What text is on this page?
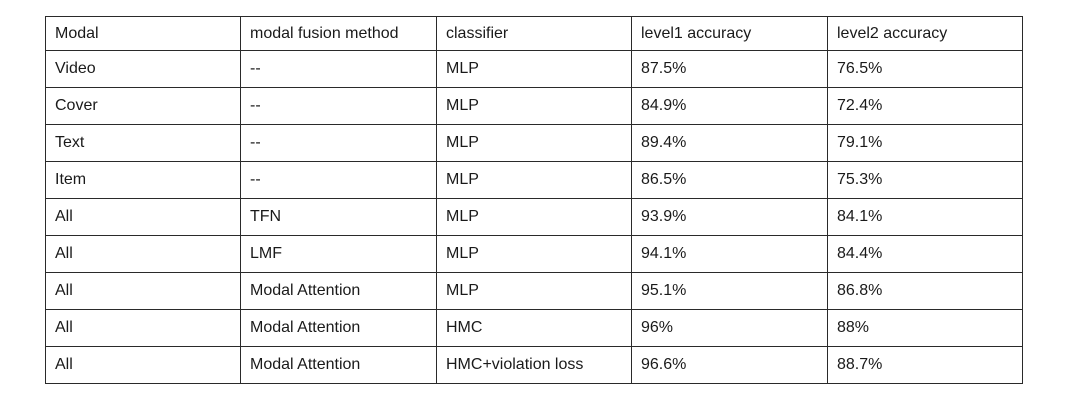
Modal	modal fusion method	classifier	level1 accuracy	level2 accuracy
Video	--	MLP	87.5%	76.5%
Cover	--	MLP	84.9%	72.4%
Text	--	MLP	89.4%	79.1%
Item	--	MLP	86.5%	75.3%
All	TFN	MLP	93.9%	84.1%
All	LMF	MLP	94.1%	84.4%
All	Modal Attention	MLP	95.1%	86.8%
All	Modal Attention	HMC	96%	88%
All	Modal Attention	HMC+violation loss	96.6%	88.7%
